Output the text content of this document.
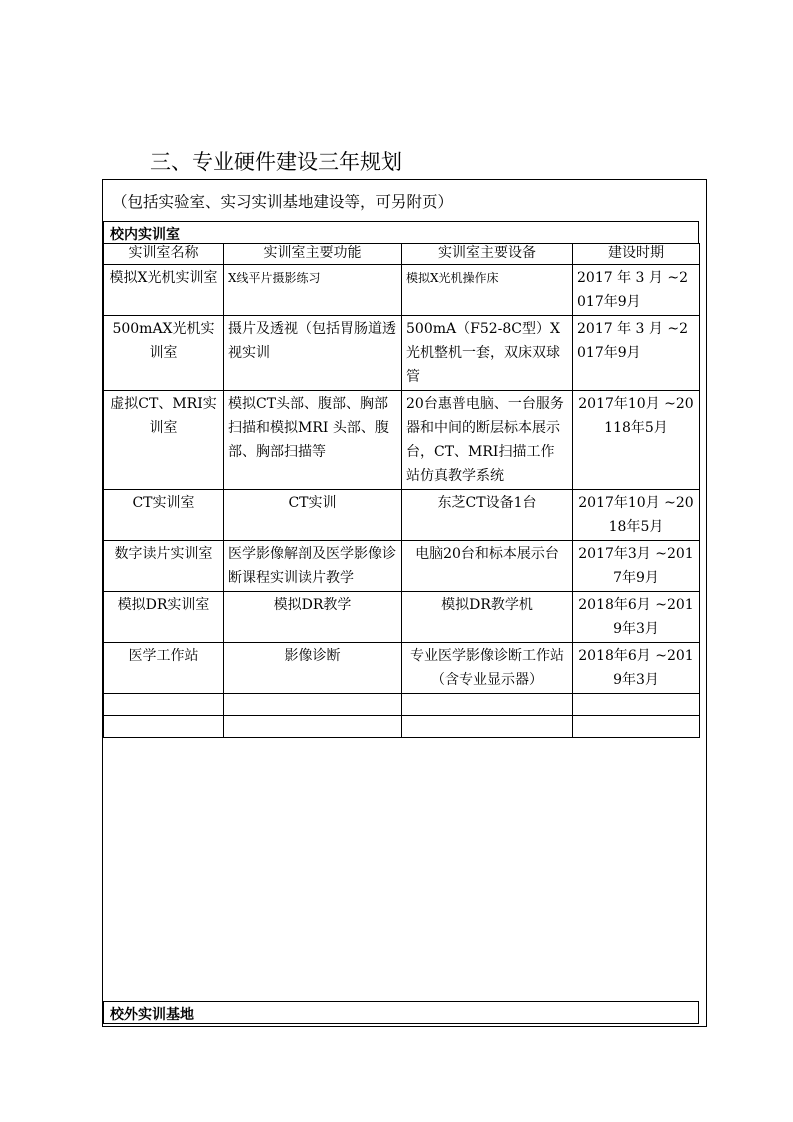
三、专业硬件建设三年规划
（包括实验室、实习实训基地建设等，可另附页）
校内实训室
实训室名称	实训室主要功能	实训室主要设备	建设时期
模拟X光机实训室	X线平片摄影练习	模拟X光机操作床	2017 年 3 月 ~2017年9月
500mAX光机实训室	摄片及透视（包括胃肠道透视实训	500mA（F52-8C型）X光机整机一套，双床双球管	2017 年 3 月 ~2017年9月
虚拟CT、MRI实训室	模拟CT头部、腹部、胸部扫描和模拟MRI 头部、腹部、胸部扫描等	20台惠普电脑、一台服务器和中间的断层标本展示台，CT、MRI扫描工作站仿真教学系统	2017年10月 ~20118年5月
CT实训室	CT实训	东芝CT设备1台	2017年10月 ~2018年5月
数字读片实训室	医学影像解剖及医学影像诊断课程实训读片教学	电脑20台和标本展示台	2017年3月 ~2017年9月
模拟DR实训室	模拟DR教学	模拟DR教学机	2018年6月 ~2019年3月
医学工作站	影像诊断	专业医学影像诊断工作站 （含专业显示器）	2018年6月 ~2019年3月

校外实训基地
